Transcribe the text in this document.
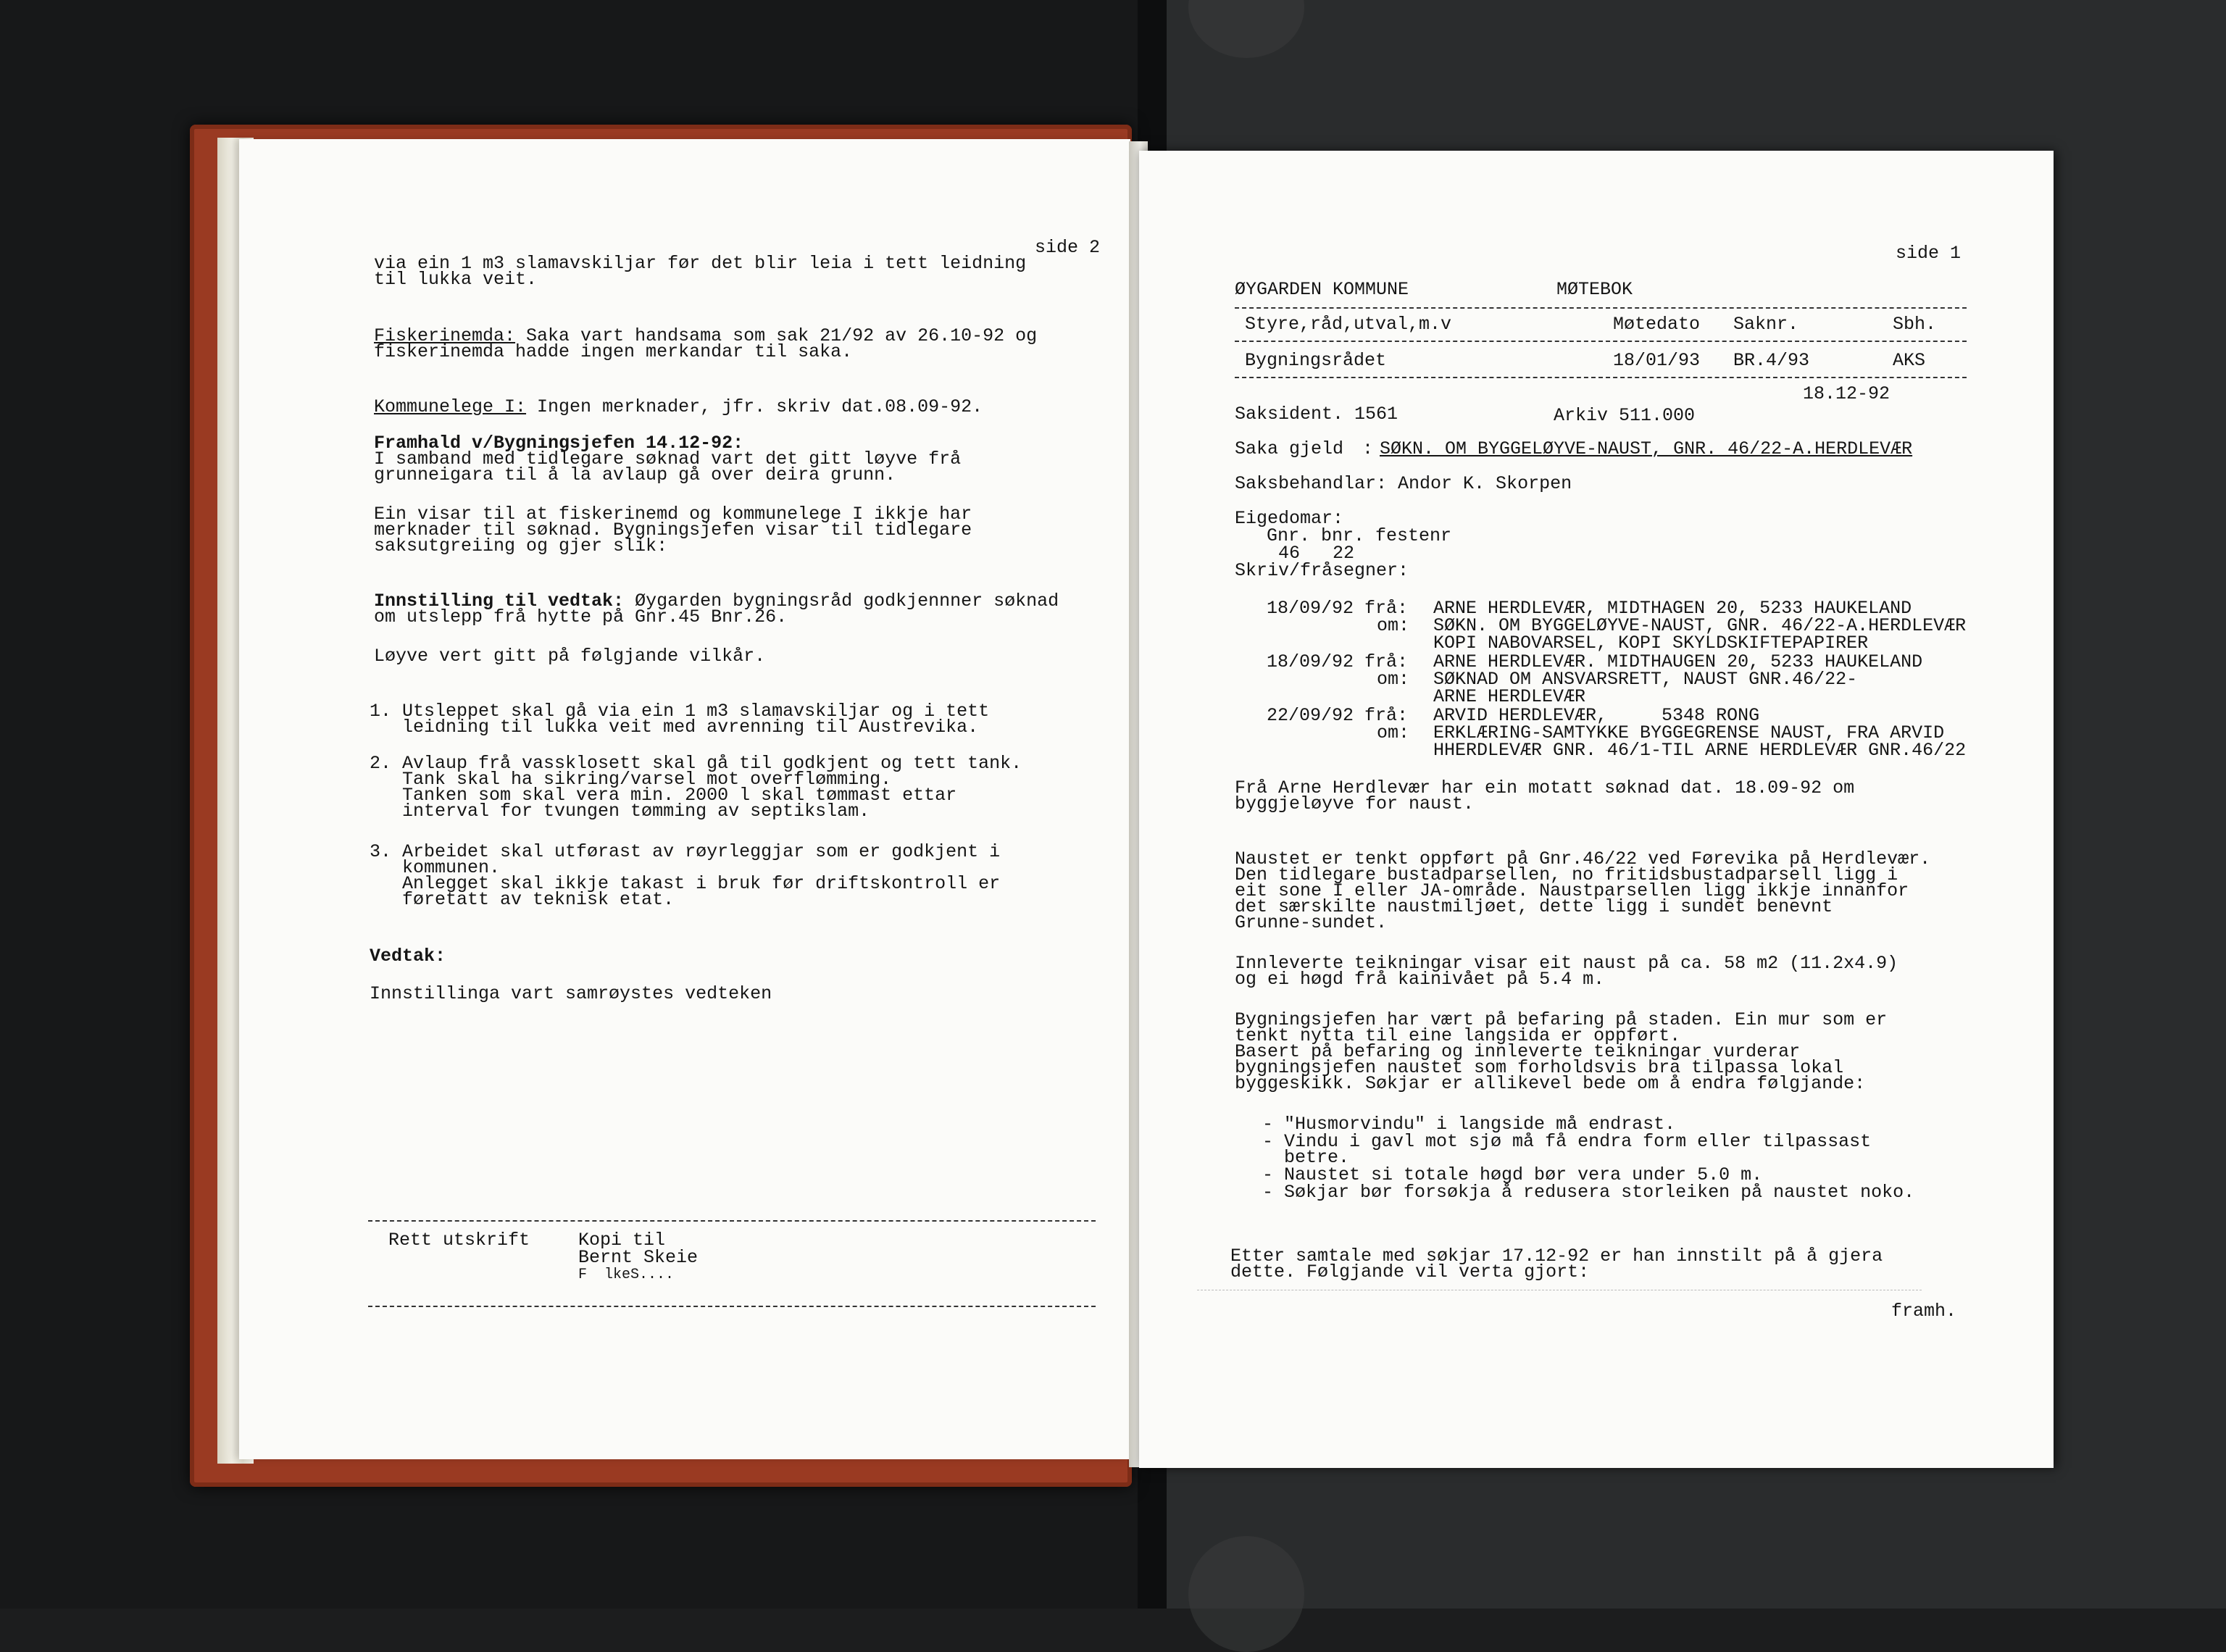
side 2
via ein 1 m3 slamavskiljar før det blir leia i tett leidning
til lukka veit.
Fiskerinemda: Saka vart handsama som sak 21/92 av 26.10-92 og
fiskerinemda hadde ingen merkandar til saka.
Kommunelege I: Ingen merknader, jfr. skriv dat.08.09-92.
Framhald v/Bygningsjefen 14.12-92:
I samband med tidlegare søknad vart det gitt løyve frå
grunneigara til å la avlaup gå over deira grunn.
Ein visar til at fiskerinemd og kommunelege I ikkje har
merknader til søknad. Bygningsjefen visar til tidlegare
saksutgreiing og gjer slik:
Innstilling til vedtak: Øygarden bygningsråd godkjennner søknad
om utslepp frå hytte på Gnr.45 Bnr.26.
Løyve vert gitt på følgjande vilkår.
1. Utsleppet skal gå via ein 1 m3 slamavskiljar og i tett
leidning til lukka veit med avrenning til Austrevika.
2. Avlaup frå vassklosett skal gå til godkjent og tett tank.
Tank skal ha sikring/varsel mot overflømming.
Tanken som skal vera min. 2000 l skal tømmast ettar
interval for tvungen tømming av septikslam.
3. Arbeidet skal utførast av røyrleggjar som er godkjent i
kommunen.
Anlegget skal ikkje takast i bruk før driftskontroll er
føretatt av teknisk etat.
Vedtak:
Innstillinga vart samrøystes vedteken
Rett utskrift	Kopi til
Bernt Skeie
F  lkeS....
side 1
ØYGARDEN KOMMUNE	MØTEBOK
Styre,råd,utval,m.v	Møtedato Saknr.	Sbh.
Bygningsrådet	18/01/93 BR.4/93	AKS
18.12-92
Saksident. 1561	Arkiv 511.000
Saka gjeld : SØKN. OM BYGGELØYVE-NAUST, GNR. 46/22-A.HERDLEVÆR
Saksbehandlar: Andor K. Skorpen
Eigedomar:
Gnr. bnr. festenr
46   22
Skriv/fråsegner:
18/09/92 frå: ARNE HERDLEVÆR, MIDTHAGEN 20, 5233 HAUKELAND
om: SØKN. OM BYGGELØYVE-NAUST, GNR. 46/22-A.HERDLEVÆR
KOPI NABOVARSEL, KOPI SKYLDSKIFTEPAPIRER
18/09/92 frå: ARNE HERDLEVÆR. MIDTHAUGEN 20, 5233 HAUKELAND
om: SØKNAD OM ANSVARSRETT, NAUST GNR.46/22-
ARNE HERDLEVÆR
22/09/92 frå: ARVID HERDLEVÆR,     5348 RONG
om: ERKLÆRING-SAMTYKKE BYGGEGRENSE NAUST, FRA ARVID
HHERDLEVÆR GNR. 46/1-TIL ARNE HERDLEVÆR GNR.46/22
Frå Arne Herdlevær har ein motatt søknad dat. 18.09-92 om
byggjeløyve for naust.
Naustet er tenkt oppført på Gnr.46/22 ved Førevika på Herdlevær.
Den tidlegare bustadparsellen, no fritidsbustadparsell ligg i
eit sone I eller JA-område. Naustparsellen ligg ikkje innanfor
det særskilte naustmiljøet, dette ligg i sundet benevnt
Grunne-sundet.
Innleverte teikningar visar eit naust på ca. 58 m2 (11.2x4.9)
og ei høgd frå kainivået på 5.4 m.
Bygningsjefen har vært på befaring på staden. Ein mur som er
tenkt nytta til eine langsida er oppført.
Basert på befaring og innleverte teikningar vurderar
bygningsjefen naustet som forholdsvis bra tilpassa lokal
byggeskikk. Søkjar er allikevel bede om å endra følgjande:
- "Husmorvindu" i langside må endrast.
- Vindu i gavl mot sjø må få endra form eller tilpassast
betre.
- Naustet si totale høgd bør vera under 5.0 m.
- Søkjar bør forsøkja å redusera storleiken på naustet noko.
Etter samtale med søkjar 17.12-92 er han innstilt på å gjera
dette. Følgjande vil verta gjort:
framh.
